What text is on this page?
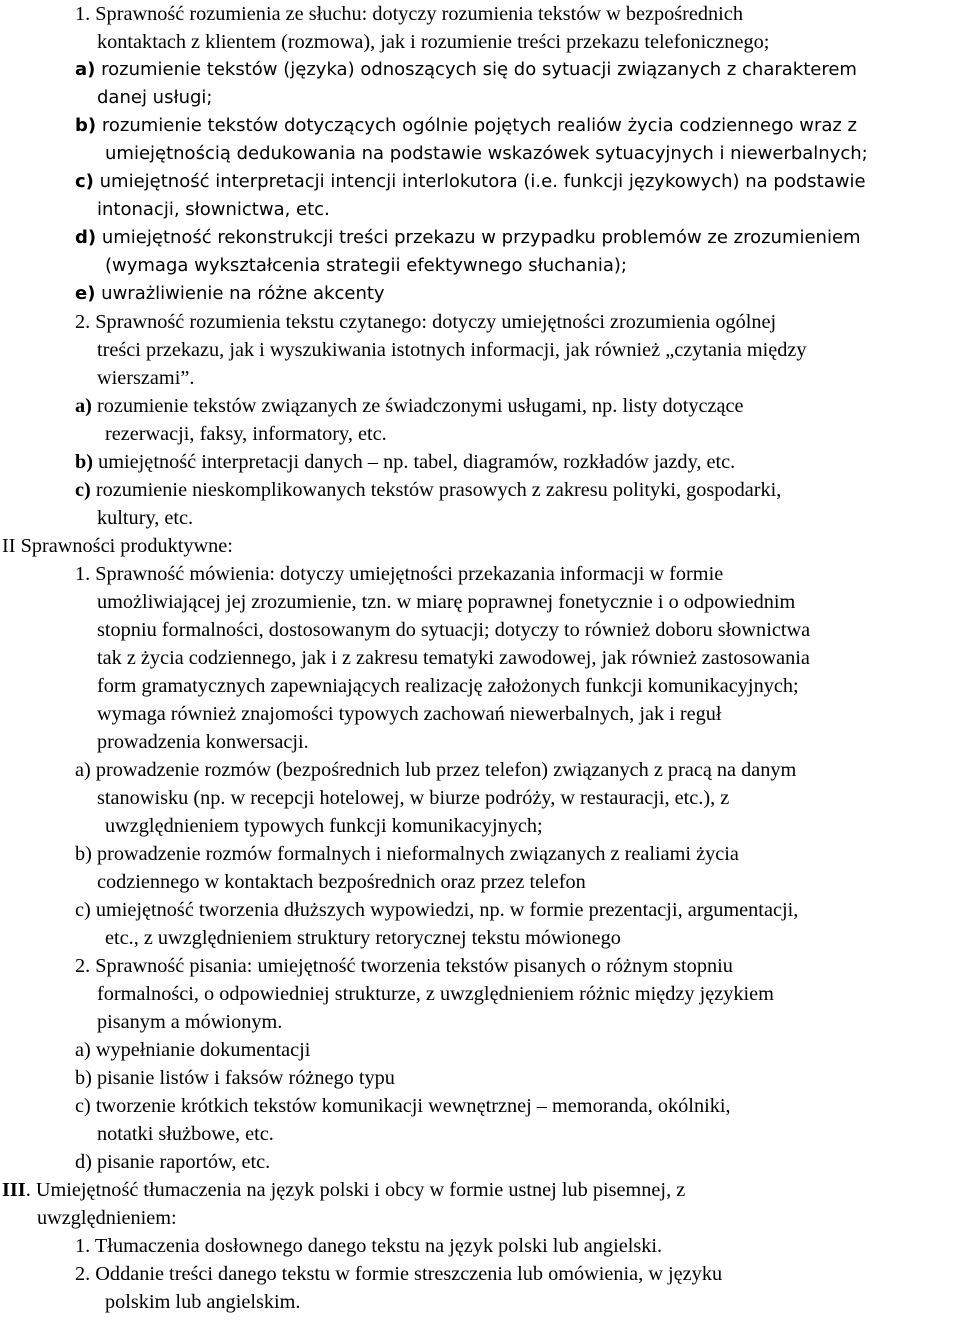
1. Sprawność rozumienia ze słuchu: dotyczy rozumienia tekstów w bezpośrednich
kontaktach z klientem (rozmowa), jak i rozumienie treści przekazu telefonicznego;
a) rozumienie tekstów (języka) odnoszących się do sytuacji związanych z charakterem
danej usługi;
b) rozumienie tekstów dotyczących ogólnie pojętych realiów życia codziennego wraz z
umiejętnością dedukowania na podstawie wskazówek sytuacyjnych i niewerbalnych;
c) umiejętność interpretacji intencji interlokutora (i.e. funkcji językowych) na podstawie
intonacji, słownictwa, etc.
d) umiejętność rekonstrukcji treści przekazu w przypadku problemów ze zrozumieniem
(wymaga wykształcenia strategii efektywnego słuchania);
e) uwrażliwienie na różne akcenty
2. Sprawność rozumienia tekstu czytanego: dotyczy umiejętności zrozumienia ogólnej
treści przekazu, jak i wyszukiwania istotnych informacji, jak również „czytania między
wierszami”.
a) rozumienie tekstów związanych ze świadczonymi usługami, np. listy dotyczące
rezerwacji, faksy, informatory, etc.
b) umiejętność interpretacji danych – np. tabel, diagramów, rozkładów jazdy, etc.
c) rozumienie nieskomplikowanych tekstów prasowych z zakresu polityki, gospodarki,
kultury, etc.
II Sprawności produktywne:
1. Sprawność mówienia: dotyczy umiejętności przekazania informacji w formie
umożliwiającej jej zrozumienie, tzn. w miarę poprawnej fonetycznie i o odpowiednim
stopniu formalności, dostosowanym do sytuacji; dotyczy to również doboru słownictwa
tak z życia codziennego, jak i z zakresu tematyki zawodowej, jak również zastosowania
form gramatycznych zapewniających realizację założonych funkcji komunikacyjnych;
wymaga również znajomości typowych zachowań niewerbalnych, jak i reguł
prowadzenia konwersacji.
a) prowadzenie rozmów (bezpośrednich lub przez telefon) związanych z pracą na danym
stanowisku (np. w recepcji hotelowej, w biurze podróży, w restauracji, etc.), z
uwzględnieniem typowych funkcji komunikacyjnych;
b) prowadzenie rozmów formalnych i nieformalnych związanych z realiami życia
codziennego w kontaktach bezpośrednich oraz przez telefon
c) umiejętność tworzenia dłuższych wypowiedzi, np. w formie prezentacji, argumentacji,
etc., z uwzględnieniem struktury retorycznej tekstu mówionego
2. Sprawność pisania: umiejętność tworzenia tekstów pisanych o różnym stopniu
formalności, o odpowiedniej strukturze, z uwzględnieniem różnic między językiem
pisanym a mówionym.
a) wypełnianie dokumentacji
b) pisanie listów i faksów różnego typu
c) tworzenie krótkich tekstów komunikacji wewnętrznej – memoranda, okólniki,
notatki służbowe, etc.
d) pisanie raportów, etc.
III. Umiejętność tłumaczenia na język polski i obcy w formie ustnej lub pisemnej, z
uwzględnieniem:
1. Tłumaczenia dosłownego danego tekstu na język polski lub angielski.
2. Oddanie treści danego tekstu w formie streszczenia lub omówienia, w języku
polskim lub angielskim.
